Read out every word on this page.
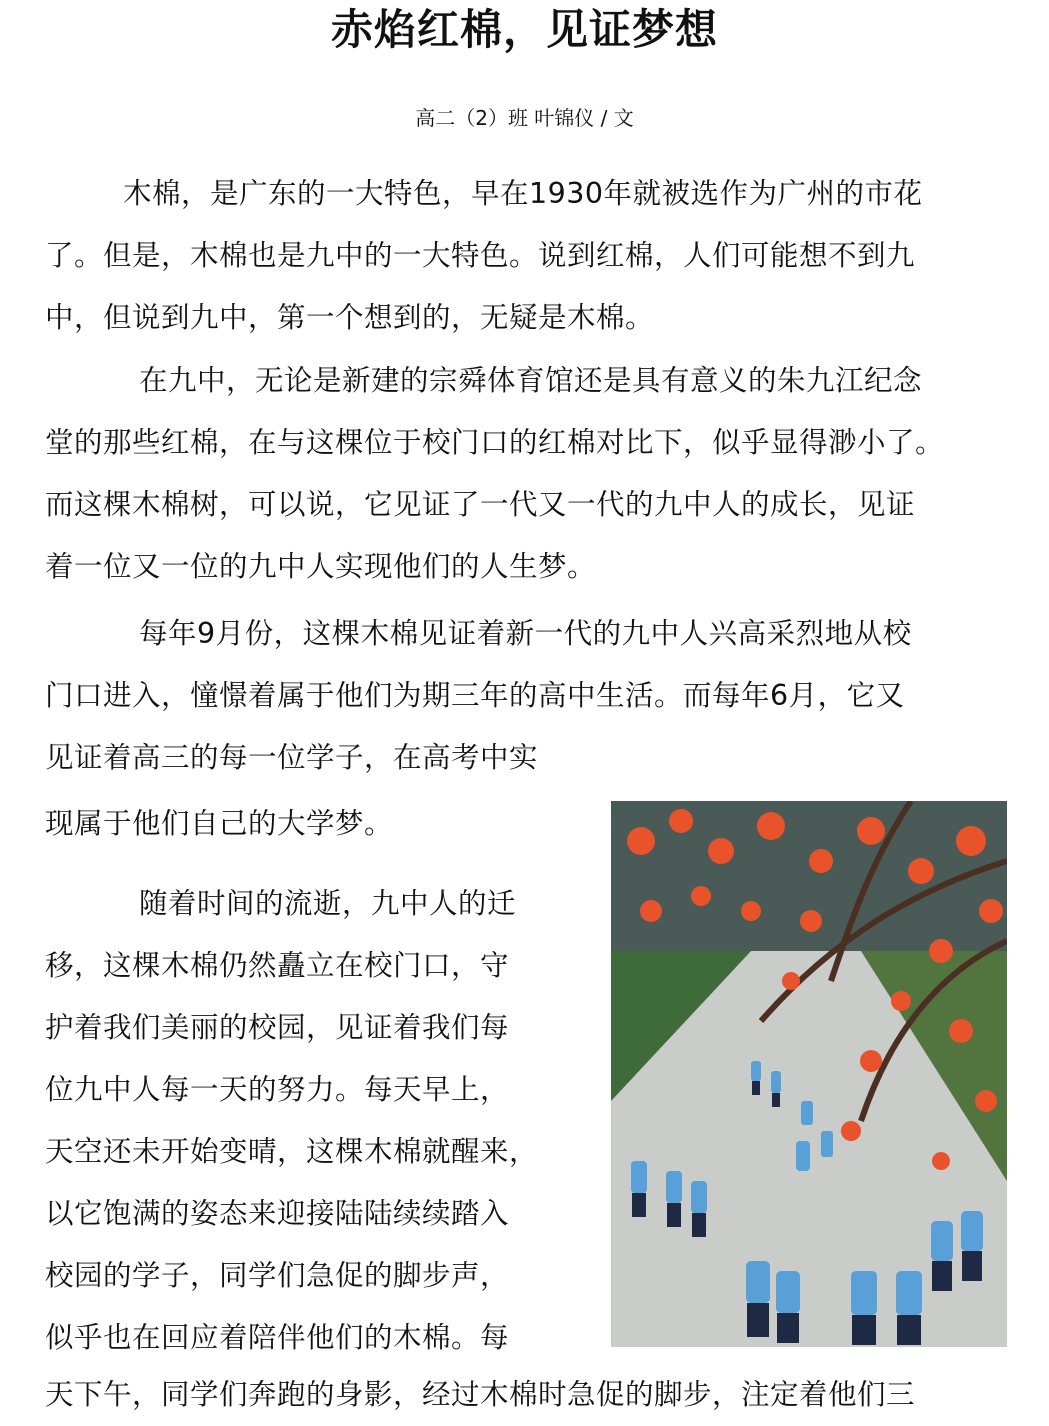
赤焰红棉，见证梦想
高二（2）班 叶锦仪 / 文
木棉，是广东的一大特色，早在1930年就被选作为广州的市花
了。但是，木棉也是九中的一大特色。说到红棉，人们可能想不到九
中，但说到九中，第一个想到的，无疑是木棉。
在九中，无论是新建的宗舜体育馆还是具有意义的朱九江纪念
堂的那些红棉，在与这棵位于校门口的红棉对比下，似乎显得渺小了。
而这棵木棉树，可以说，它见证了一代又一代的九中人的成长，见证
着一位又一位的九中人实现他们的人生梦。
每年9月份，这棵木棉见证着新一代的九中人兴高采烈地从校
门口进入，憧憬着属于他们为期三年的高中生活。而每年6月，它又
见证着高三的每一位学子，在高考中实
现属于他们自己的大学梦。
随着时间的流逝，九中人的迁
移，这棵木棉仍然矗立在校门口，守
护着我们美丽的校园，见证着我们每
位九中人每一天的努力。每天早上，
天空还未开始变晴，这棵木棉就醒来，
以它饱满的姿态来迎接陆陆续续踏入
校园的学子，同学们急促的脚步声，
似乎也在回应着陪伴他们的木棉。每
天下午，同学们奔跑的身影，经过木棉时急促的脚步，注定着他们三
